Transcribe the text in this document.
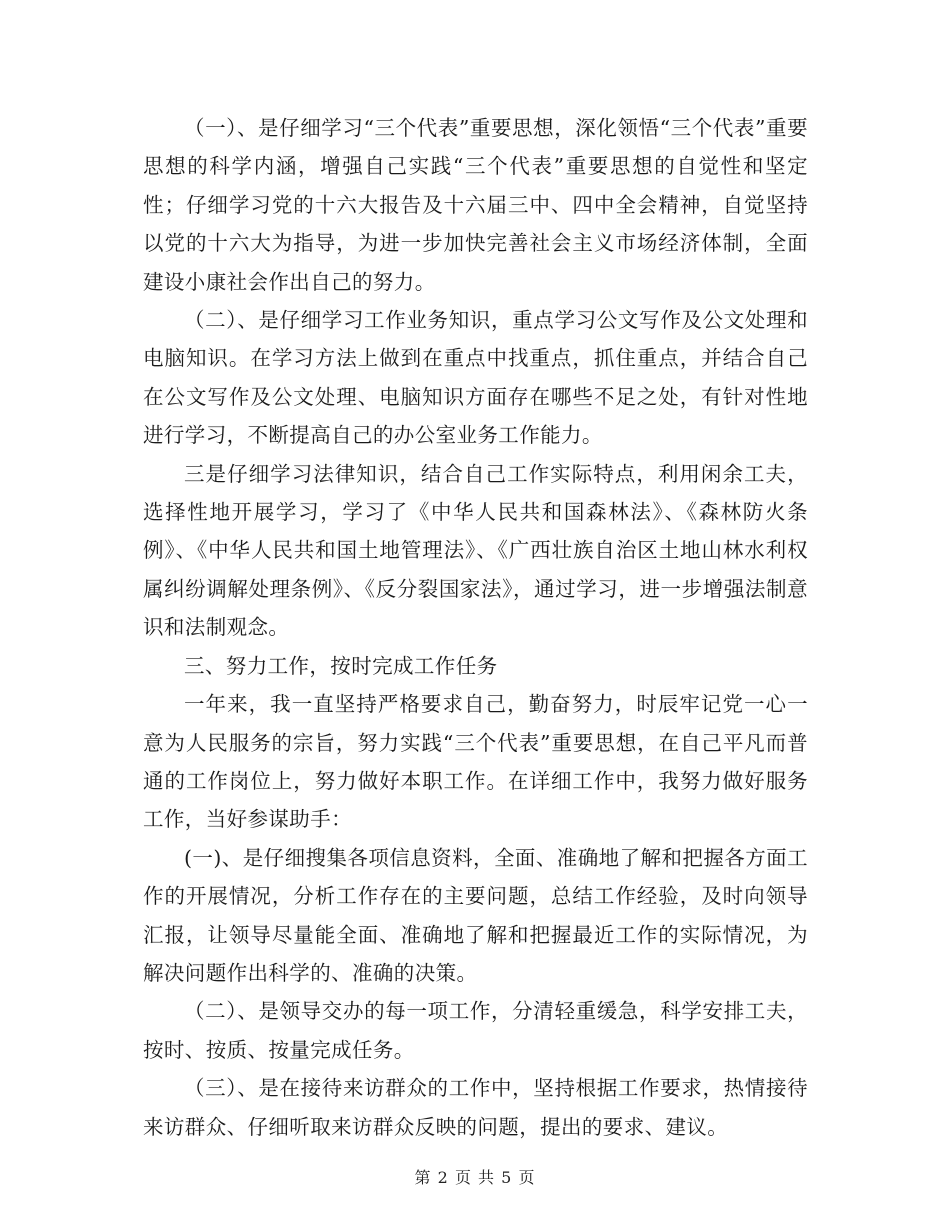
（一）、是仔细学习“三个代表”重要思想，深化领悟“三个代表”重要思想的科学内涵，增强自己实践“三个代表”重要思想的自觉性和坚定性；仔细学习党的十六大报告及十六届三中、四中全会精神，自觉坚持以党的十六大为指导，为进一步加快完善社会主义市场经济体制，全面建设小康社会作出自己的努力。

（二）、是仔细学习工作业务知识，重点学习公文写作及公文处理和电脑知识。在学习方法上做到在重点中找重点，抓住重点，并结合自己在公文写作及公文处理、电脑知识方面存在哪些不足之处，有针对性地进行学习，不断提高自己的办公室业务工作能力。

三是仔细学习法律知识，结合自己工作实际特点，利用闲余工夫，选择性地开展学习，学习了《中华人民共和国森林法》、《森林防火条例》、《中华人民共和国土地管理法》、《广西壮族自治区土地山林水利权属纠纷调解处理条例》、《反分裂国家法》，通过学习，进一步增强法制意识和法制观念。

三、努力工作，按时完成工作任务

一年来，我一直坚持严格要求自己，勤奋努力，时辰牢记党一心一意为人民服务的宗旨，努力实践“三个代表”重要思想，在自己平凡而普通的工作岗位上，努力做好本职工作。在详细工作中，我努力做好服务工作，当好参谋助手：

(一)、是仔细搜集各项信息资料，全面、准确地了解和把握各方面工作的开展情况，分析工作存在的主要问题，总结工作经验，及时向领导汇报，让领导尽量能全面、准确地了解和把握最近工作的实际情况，为解决问题作出科学的、准确的决策。

（二）、是领导交办的每一项工作，分清轻重缓急，科学安排工夫，按时、按质、按量完成任务。

（三）、是在接待来访群众的工作中，坚持根据工作要求，热情接待来访群众、仔细听取来访群众反映的问题，提出的要求、建议。

第 2 页 共 5 页
